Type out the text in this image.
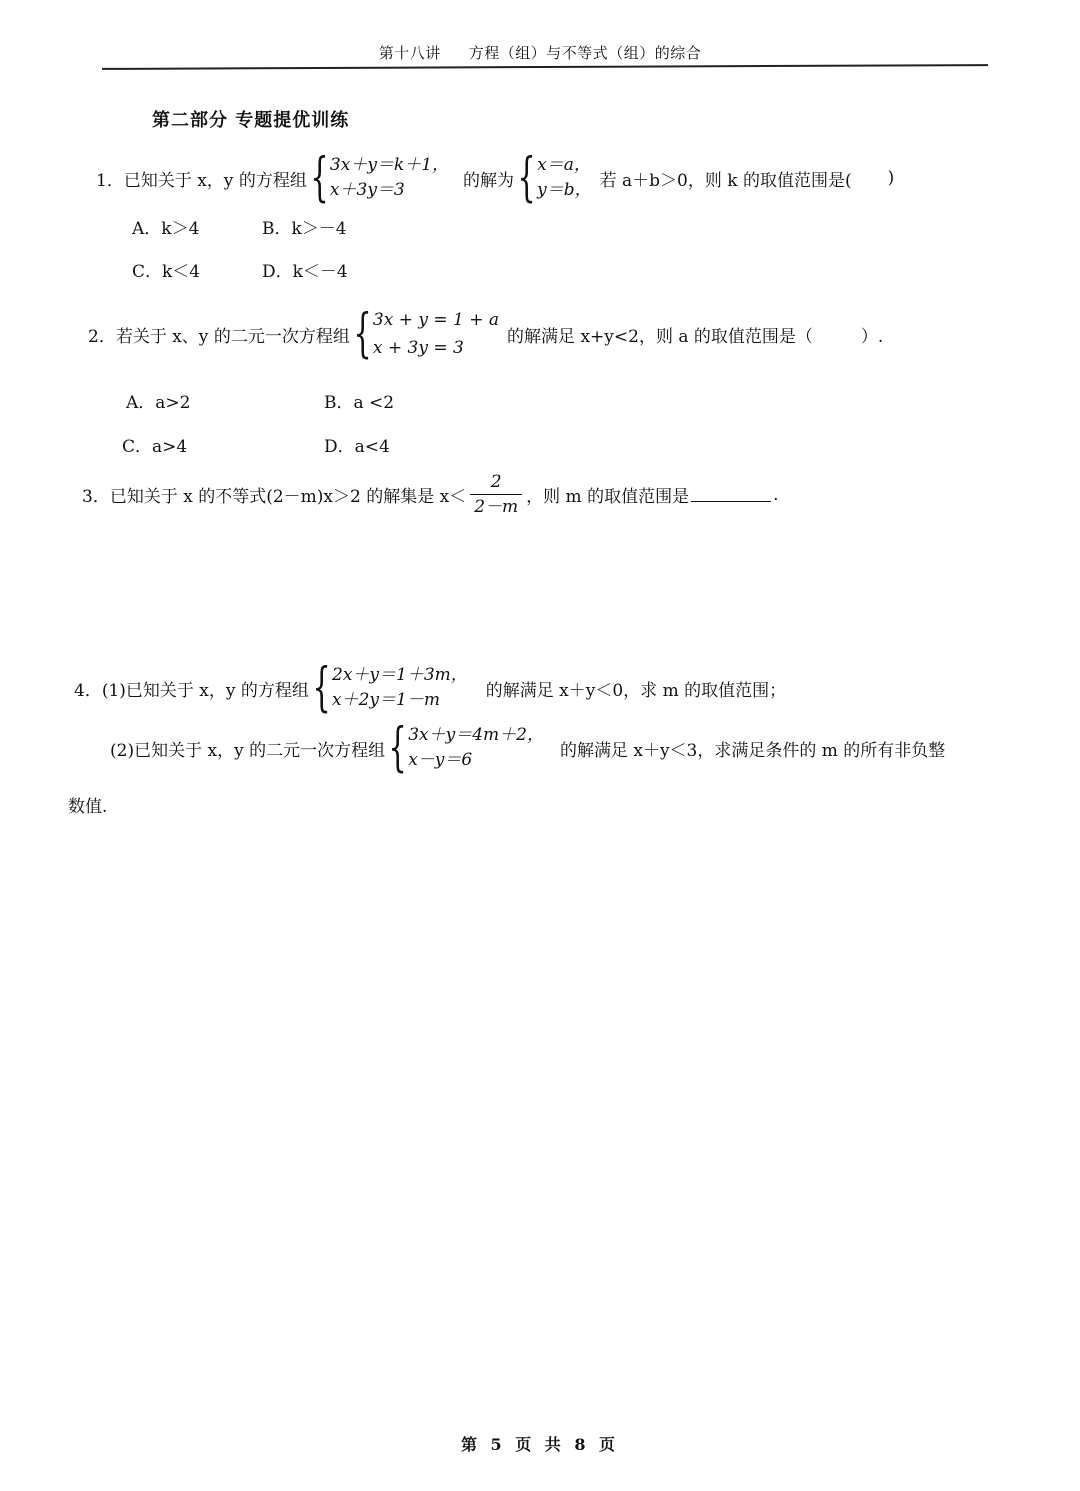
第十八讲 方程（组）与不等式（组）的综合
第二部分 专题提优训练
1．已知关于 x，y 的方程组 { 3x＋y＝k＋1，
x＋3y＝3	的解为 { x＝a，
y＝b， 若 a＋b＞0，则 k 的取值范围是( )
A．k＞4	B．k＞－4
C．k＜4	D．k＜－4
2．若关于 x、y 的二元一次方程组 { 3x + y = 1 + a
x + 3y = 3
的解满足 x+y<2，则 a 的取值范围是（	）.
A．a>2	B．a <2
C．a>4	D．a<4
3．已知关于 x 的不等式(2－m)x＞2 的解集是 $x< \frac{2}{2-m}$ ，则 m 的取值范围是	.
4．(1)已知关于 x，y 的方程组 { 2x＋y＝1＋3m，
x＋2y＝1－m	的解满足 x＋y＜0，求 m 的取值范围；
(2)已知关于 x，y 的二元一次方程组 { 3x＋y＝4m＋2，
x－y＝6	的解满足 x＋y＜3，求满足条件的 m 的所有非负整
数值.
第 5 页 共 8 页
